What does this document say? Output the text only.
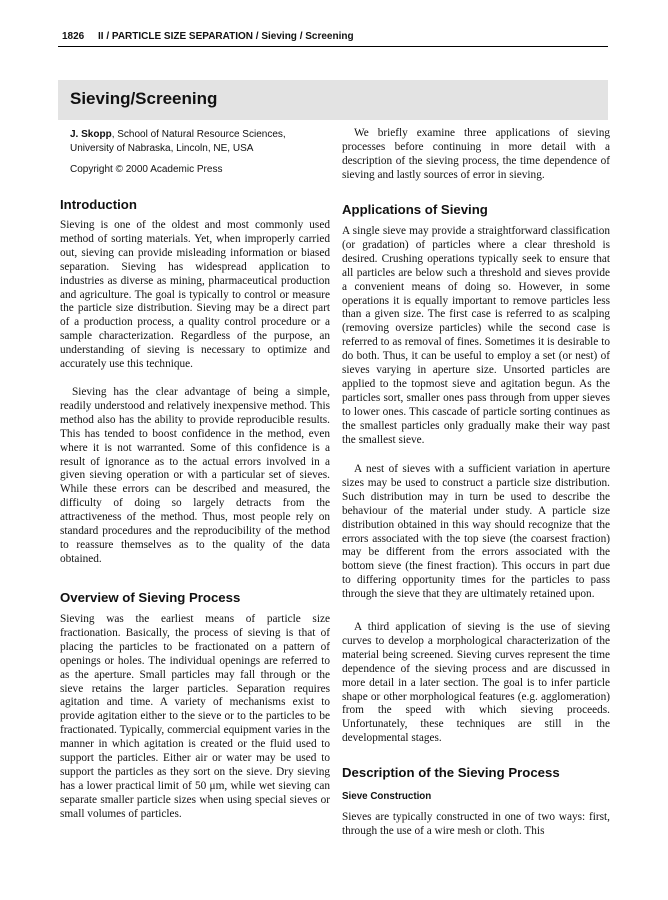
1826 II / PARTICLE SIZE SEPARATION / Sieving / Screening
Sieving/Screening
J. Skopp, School of Natural Resource Sciences, University of Nabraska, Lincoln, NE, USA
Copyright © 2000 Academic Press
Introduction

Sieving is one of the oldest and most commonly used method of sorting materials. Yet, when improperly carried out, sieving can provide misleading information or biased separation. Sieving has widespread application to industries as diverse as mining, pharmaceutical production and agriculture. The goal is typically to control or measure the particle size distribution. Sieving may be a direct part of a production process, a quality control procedure or a sample characterization. Regardless of the purpose, an understanding of sieving is necessary to optimize and accurately use this technique.

Sieving has the clear advantage of being a simple, readily understood and relatively inexpensive method. This method also has the ability to provide reproducible results. This has tended to boost confidence in the method, even where it is not warranted. Some of this confidence is a result of ignorance as to the actual errors involved in a given sieving operation or with a particular set of sieves. While these errors can be described and measured, the difficulty of doing so largely detracts from the attractiveness of the method. Thus, most people rely on standard procedures and the reproducibility of the method to reassure themselves as to the quality of the data obtained.

Overview of Sieving Process

Sieving was the earliest means of particle size fractionation. Basically, the process of sieving is that of placing the particles to be fractionated on a pattern of openings or holes. The individual openings are referred to as the aperture. Small particles may fall through or the sieve retains the larger particles. Separation requires agitation and time. A variety of mechanisms exist to provide agitation either to the sieve or to the particles to be fractionated. Typically, commercial equipment varies in the manner in which agitation is created or the fluid used to support the particles. Either air or water may be used to support the particles as they sort on the sieve. Dry sieving has a lower practical limit of 50 μm, while wet sieving can separate smaller particle sizes when using special sieves or small volumes of particles.

We briefly examine three applications of sieving processes before continuing in more detail with a description of the sieving process, the time dependence of sieving and lastly sources of error in sieving.

Applications of Sieving

A single sieve may provide a straightforward classification (or gradation) of particles where a clear threshold is desired. Crushing operations typically seek to ensure that all particles are below such a threshold and sieves provide a convenient means of doing so. However, in some operations it is equally important to remove particles less than a given size. The first case is referred to as scalping (removing oversize particles) while the second case is referred to as removal of fines. Sometimes it is desirable to do both. Thus, it can be useful to employ a set (or nest) of sieves varying in aperture size. Unsorted particles are applied to the topmost sieve and agitation begun. As the particles sort, smaller ones pass through from upper sieves to lower ones. This cascade of particle sorting continues as the smallest particles only gradually make their way past the smallest sieve.

A nest of sieves with a sufficient variation in aperture sizes may be used to construct a particle size distribution. Such distribution may in turn be used to describe the behaviour of the material under study. A particle size distribution obtained in this way should recognize that the errors associated with the top sieve (the coarsest fraction) may be different from the errors associated with the bottom sieve (the finest fraction). This occurs in part due to differing opportunity times for the particles to pass through the sieve that they are ultimately retained upon.

A third application of sieving is the use of sieving curves to develop a morphological characterization of the material being screened. Sieving curves represent the time dependence of the sieving process and are discussed in more detail in a later section. The goal is to infer particle shape or other morphological features (e.g. agglomeration) from the speed with which sieving proceeds. Unfortunately, these techniques are still in the developmental stages.

Description of the Sieving Process
Sieve Construction

Sieves are typically constructed in one of two ways: first, through the use of a wire mesh or cloth. This
